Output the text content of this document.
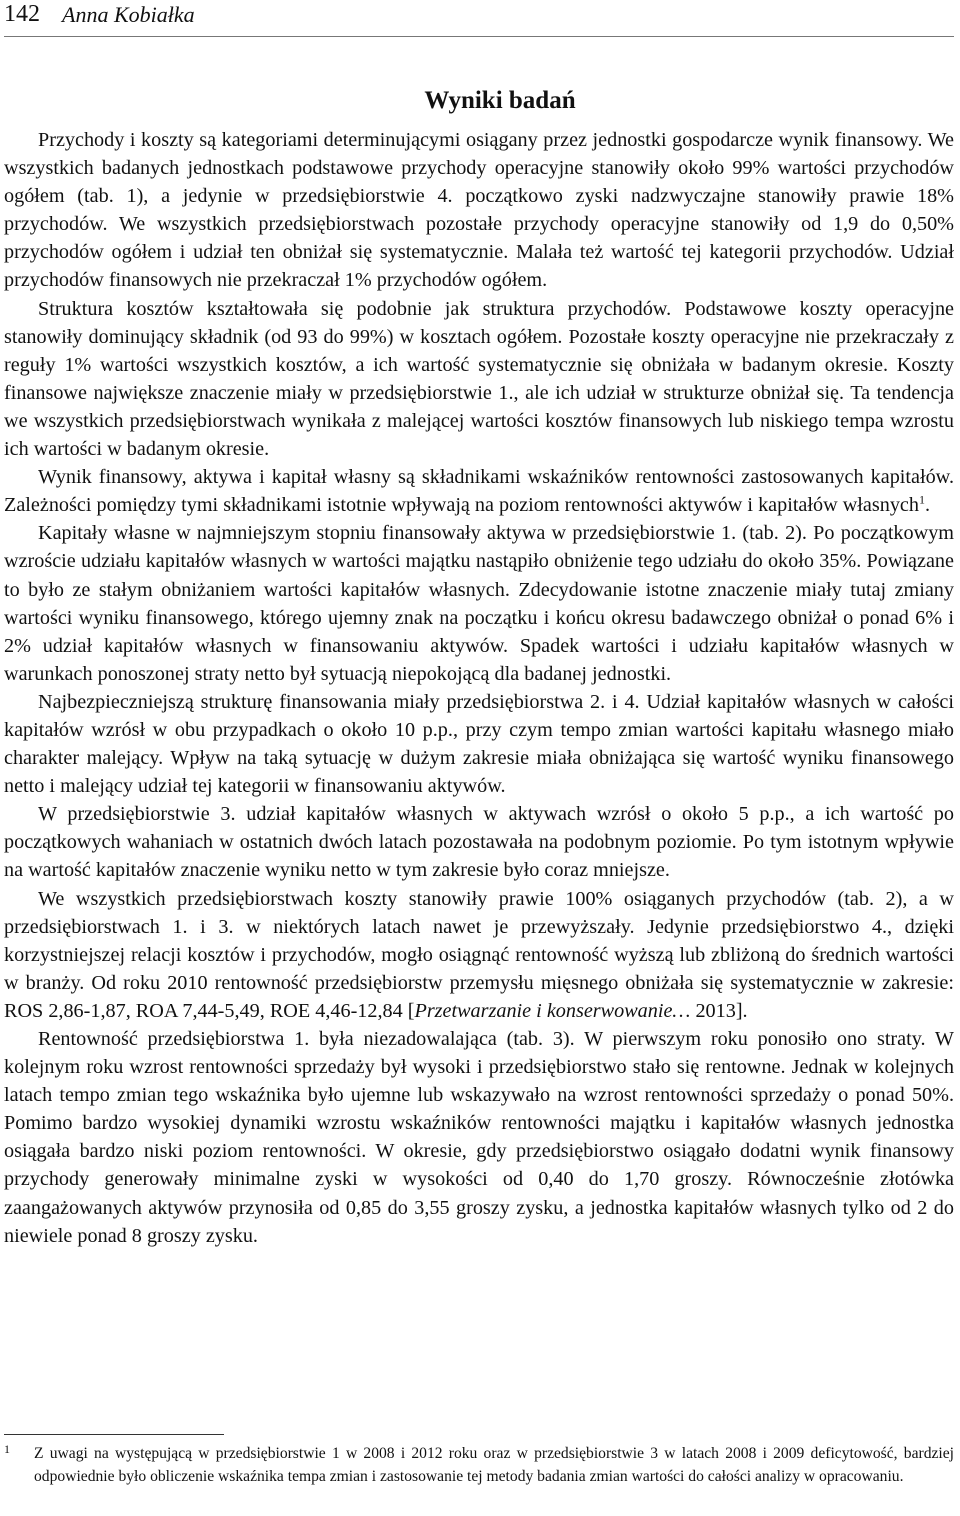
142 Anna Kobiałka
Wyniki badań

Przychody i koszty są kategoriami determinującymi osiągany przez jednostki gospodarcze wynik finansowy. We wszystkich badanych jednostkach podstawowe przychody operacyjne stanowiły około 99% wartości przychodów ogółem (tab. 1), a jedynie w przedsiębiorstwie 4. początkowo zyski nadzwyczajne stanowiły prawie 18% przychodów. We wszystkich przedsiębiorstwach pozostałe przychody operacyjne stanowiły od 1,9 do 0,50% przychodów ogółem i udział ten obniżał się systematycznie. Malała też wartość tej kategorii przychodów. Udział przychodów finansowych nie przekraczał 1% przychodów ogółem.

Struktura kosztów kształtowała się podobnie jak struktura przychodów. Podstawowe koszty operacyjne stanowiły dominujący składnik (od 93 do 99%) w kosztach ogółem. Pozostałe koszty operacyjne nie przekraczały z reguły 1% wartości wszystkich kosztów, a ich wartość systematycznie się obniżała w badanym okresie. Koszty finansowe największe znaczenie miały w przedsiębiorstwie 1., ale ich udział w strukturze obniżał się. Ta tendencja we wszystkich przedsiębiorstwach wynikała z malejącej wartości kosztów finansowych lub niskiego tempa wzrostu ich wartości w badanym okresie.

Wynik finansowy, aktywa i kapitał własny są składnikami wskaźników rentowności zastosowanych kapitałów. Zależności pomiędzy tymi składnikami istotnie wpływają na poziom rentowności aktywów i kapitałów własnych$^1$.

Kapitały własne w najmniejszym stopniu finansowały aktywa w przedsiębiorstwie 1. (tab. 2). Po początkowym wzroście udziału kapitałów własnych w wartości majątku nastąpiło obniżenie tego udziału do około 35%. Powiązane to było ze stałym obniżaniem wartości kapitałów własnych. Zdecydowanie istotne znaczenie miały tutaj zmiany wartości wyniku finansowego, którego ujemny znak na początku i końcu okresu badawczego obniżał o ponad 6% i 2% udział kapitałów własnych w finansowaniu aktywów. Spadek wartości i udziału kapitałów własnych w warunkach ponoszonej straty netto był sytuacją niepokojącą dla badanej jednostki.

Najbezpieczniejszą strukturę finansowania miały przedsiębiorstwa 2. i 4. Udział kapitałów własnych w całości kapitałów wzrósł w obu przypadkach o około 10 p.p., przy czym tempo zmian wartości kapitału własnego miało charakter malejący. Wpływ na taką sytuację w dużym zakresie miała obniżająca się wartość wyniku finansowego netto i malejący udział tej kategorii w finansowaniu aktywów.

W przedsiębiorstwie 3. udział kapitałów własnych w aktywach wzrósł o około 5 p.p., a ich wartość po początkowych wahaniach w ostatnich dwóch latach pozostawała na podobnym poziomie. Po tym istotnym wpływie na wartość kapitałów znaczenie wyniku netto w tym zakresie było coraz mniejsze.

We wszystkich przedsiębiorstwach koszty stanowiły prawie 100% osiąganych przychodów (tab. 2), a w przedsiębiorstwach 1. i 3. w niektórych latach nawet je przewyższały. Jedynie przedsiębiorstwo 4., dzięki korzystniejszej relacji kosztów i przychodów, mogło osiągnąć rentowność wyższą lub zbliżoną do średnich wartości w branży. Od roku 2010 rentowność przedsiębiorstw przemysłu mięsnego obniżała się systematycznie w zakresie: ROS 2,86-1,87, ROA 7,44-5,49, ROE 4,46-12,84 [Przetwarzanie i konserwowanie… 2013].

Rentowność przedsiębiorstwa 1. była niezadowalająca (tab. 3). W pierwszym roku ponosiło ono straty. W kolejnym roku wzrost rentowności sprzedaży był wysoki i przedsiębiorstwo stało się rentowne. Jednak w kolejnych latach tempo zmian tego wskaźnika było ujemne lub wskazywało na wzrost rentowności sprzedaży o ponad 50%. Pomimo bardzo wysokiej dynamiki wzrostu wskaźników rentowności majątku i kapitałów własnych jednostka osiągała bardzo niski poziom rentowności. W okresie, gdy przedsiębiorstwo osiągało dodatni wynik finansowy przychody generowały minimalne zyski w wysokości od 0,40 do 1,70 groszy. Równocześnie złotówka zaangażowanych aktywów przynosiła od 0,85 do 3,55 groszy zysku, a jednostka kapitałów własnych tylko od 2 do niewiele ponad 8 groszy zysku.

1 Z uwagi na występującą w przedsiębiorstwie 1 w 2008 i 2012 roku oraz w przedsiębiorstwie 3 w latach 2008 i 2009 deficytowość, bardziej odpowiednie było obliczenie wskaźnika tempa zmian i zastosowanie tej metody badania zmian wartości do całości analizy w opracowaniu.
